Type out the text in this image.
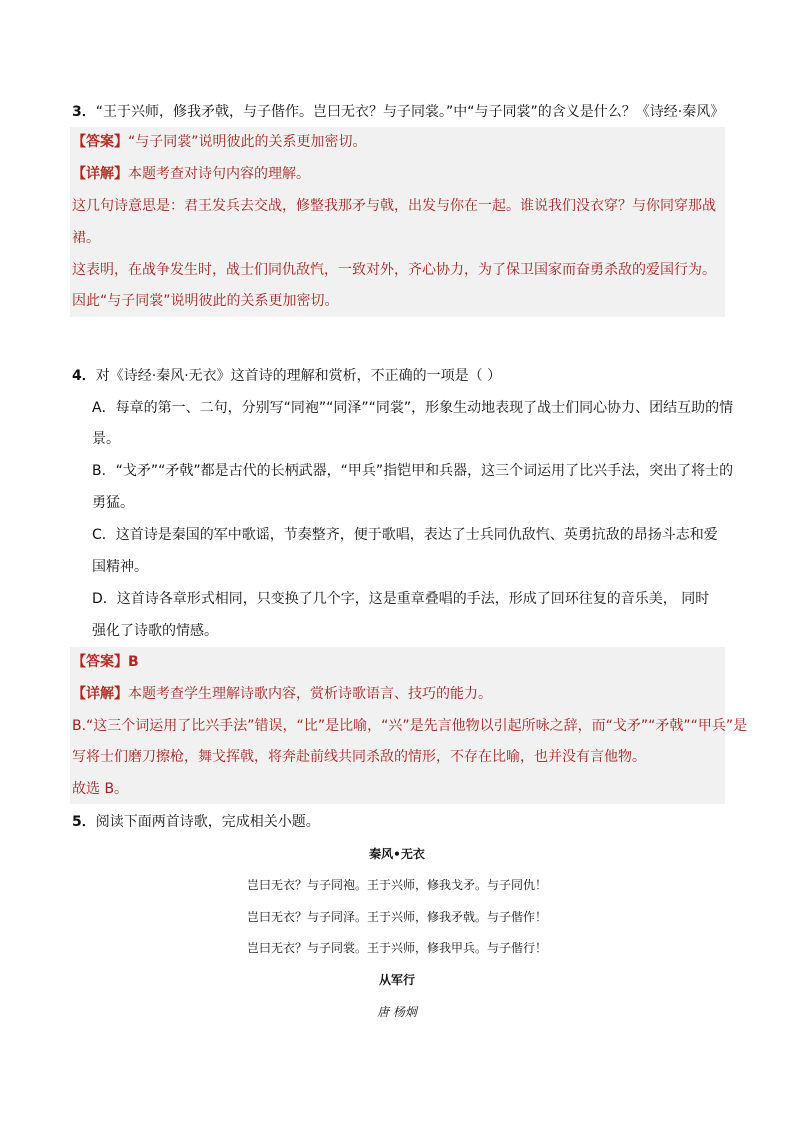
3．“王于兴师，修我矛戟，与子偕作。岂曰无衣？与子同裳。”中“与子同裳”的含义是什么？《诗经·秦风》
【答案】“与子同裳”说明彼此的关系更加密切。
【详解】本题考查对诗句内容的理解。
这几句诗意思是：君王发兵去交战，修整我那矛与戟，出发与你在一起。谁说我们没衣穿？与你同穿那战
裙。
这表明，在战争发生时，战士们同仇敌忾，一致对外，齐心协力，为了保卫国家而奋勇杀敌的爱国行为。
因此“与子同裳”说明彼此的关系更加密切。
4．对《诗经·秦风·无衣》这首诗的理解和赏析，不正确的一项是（ ）
A．每章的第一、二句，分别写“同袍”“同泽”“同裳”，形象生动地表现了战士们同心协力、团结互助的情
景。
B．“戈矛”“矛戟”都是古代的长柄武器，“甲兵”指铠甲和兵器，这三个词运用了比兴手法，突出了将士的
勇猛。
C．这首诗是秦国的军中歌谣，节奏整齐，便于歌唱，表达了士兵同仇敌忾、英勇抗敌的昂扬斗志和爱
国精神。
D．这首诗各章形式相同，只变换了几个字，这是重章叠唱的手法，形成了回环往复的音乐美， 同时
强化了诗歌的情感。
【答案】B
【详解】本题考查学生理解诗歌内容，赏析诗歌语言、技巧的能力。
B.“这三个词运用了比兴手法”错误，“比”是比喻，“兴”是先言他物以引起所咏之辞，而“戈矛”“矛戟”“甲兵”是
写将士们磨刀擦枪，舞戈挥戟，将奔赴前线共同杀敌的情形，不存在比喻，也并没有言他物。
故选 B。
5．阅读下面两首诗歌，完成相关小题。
秦风•无衣
岂曰无衣？与子同袍。王于兴师，修我戈矛。与子同仇！
岂曰无衣？与子同泽。王于兴师，修我矛戟。与子偕作！
岂曰无衣？与子同裳。王于兴师，修我甲兵。与子偕行！
从军行
唐 杨炯
